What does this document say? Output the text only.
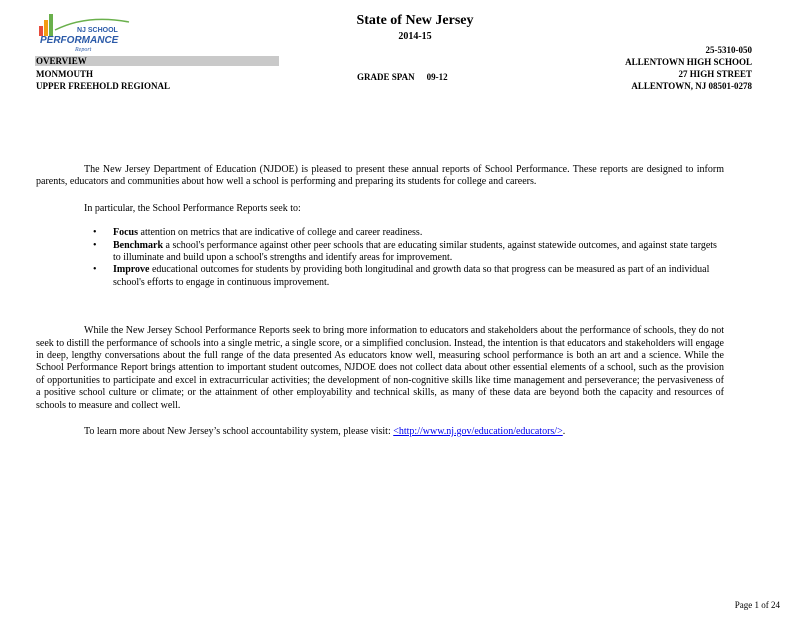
NJ SCHOOL
PERFORMANCE
Report
State of New Jersey
2014-15
OVERVIEW
MONMOUTH
UPPER FREEHOLD REGIONAL
GRADE SPAN 09-12
25-5310-050
ALLENTOWN HIGH SCHOOL
27 HIGH STREET
ALLENTOWN, NJ 08501-0278

The New Jersey Department of Education (NJDOE) is pleased to present these annual reports of School Performance. These reports are designed to inform parents, educators and communities about how well a school is performing and preparing its students for college and careers.

In particular, the School Performance Reports seek to:

• Focus attention on metrics that are indicative of college and career readiness.
• Benchmark a school's performance against other peer schools that are educating similar students, against statewide outcomes, and against state targets to illuminate and build upon a school's strengths and identify areas for improvement.
• Improve educational outcomes for students by providing both longitudinal and growth data so that progress can be measured as part of an individual school's efforts to engage in continuous improvement.

While the New Jersey School Performance Reports seek to bring more information to educators and stakeholders about the performance of schools, they do not seek to distill the performance of schools into a single metric, a single score, or a simplified conclusion. Instead, the intention is that educators and stakeholders will engage in deep, lengthy conversations about the full range of the data presented As educators know well, measuring school performance is both an art and a science. While the School Performance Report brings attention to important student outcomes, NJDOE does not collect data about other essential elements of a school, such as the provision of opportunities to participate and excel in extracurricular activities; the development of non-cognitive skills like time management and perseverance; the pervasiveness of a positive school culture or climate; or the attainment of other employability and technical skills, as many of these data are beyond both the capacity and resources of schools to measure and collect well.

To learn more about New Jersey’s school accountability system, please visit: <http://www.nj.gov/education/educators/>.

Page 1 of 24
